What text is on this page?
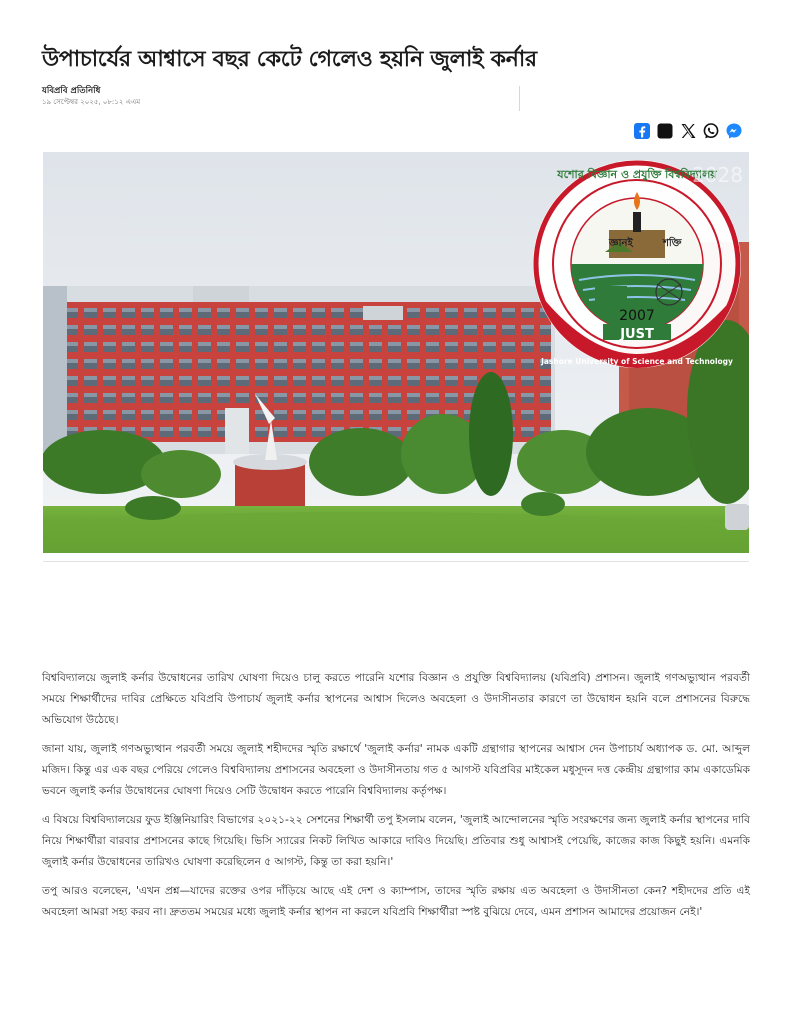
উপাচার্যের আশ্বাসে বছর কেটে গেলেও হয়নি জুলাই কর্নার
যবিপ্রবি প্রতিনিধি
১৯ সেপ্টেম্বর ২০২৫, ০৮:১২ এএম
জ্ঞানই	শক্তি
2007
JUST
যশোর বিজ্ঞান ও প্রযুক্তি বিশ্ববিদ্যালয়
Jashore University of Science and Technology
2028

বিশ্ববিদ্যালয়ে জুলাই কর্নার উদ্বোধনের তারিখ ঘোষণা দিয়েও চালু করতে পারেনি যশোর বিজ্ঞান ও প্রযুক্তি বিশ্ববিদ্যালয় (যবিপ্রবি) প্রশাসন। জুলাই গণঅভ্যুত্থান পরবর্তী সময়ে শিক্ষার্থীদের দাবির প্রেক্ষিতে যবিপ্রবি উপাচার্য জুলাই কর্নার স্থাপনের আশ্বাস দিলেও অবহেলা ও উদাসীনতার কারণে তা উদ্বোধন হয়নি বলে প্রশাসনের বিরুদ্ধে অভিযোগ উঠেছে।

জানা যায়, জুলাই গণঅভ্যুত্থান পরবর্তী সময়ে জুলাই শহীদদের স্মৃতি রক্ষার্থে 'জুলাই কর্নার' নামক একটি গ্রন্থাগার স্থাপনের আশ্বাস দেন উপাচার্য অধ্যাপক ড. মো. আব্দুল মজিদ। কিন্তু এর এক বছর পেরিয়ে গেলেও বিশ্ববিদ্যালয় প্রশাসনের অবহেলা ও উদাসীনতায় গত ৫ আগস্ট যবিপ্রবির মাইকেল মধুসূদন দত্ত কেন্দ্রীয় গ্রন্থাগার কাম একাডেমিক ভবনে জুলাই কর্নার উদ্বোধনের ঘোষণা দিয়েও সেটি উদ্বোধন করতে পারেনি বিশ্ববিদ্যালয় কর্তৃপক্ষ।

এ বিষয়ে বিশ্ববিদ্যালয়ের ফুড ইঞ্জিনিয়ারিং বিভাগের ২০২১-২২ সেশনের শিক্ষার্থী তপু ইসলাম বলেন, 'জুলাই আন্দোলনের স্মৃতি সংরক্ষণের জন্য জুলাই কর্নার স্থাপনের দাবি নিয়ে শিক্ষার্থীরা বারবার প্রশাসনের কাছে গিয়েছি। ভিসি স্যারের নিকট লিখিত আকারে দাবিও দিয়েছি। প্রতিবার শুধু আশ্বাসই পেয়েছি, কাজের কাজ কিছুই হয়নি। এমনকি জুলাই কর্নার উদ্বোধনের তারিখও ঘোষণা করেছিলেন ৫ আগস্ট, কিন্তু তা করা হয়নি।'

তপু আরও বলেছেন, 'এখন প্রশ্ন—যাদের রক্তের ওপর দাঁড়িয়ে আছে এই দেশ ও ক্যাম্পাস, তাদের স্মৃতি রক্ষায় এত অবহেলা ও উদাসীনতা কেন? শহীদদের প্রতি এই অবহেলা আমরা সহ্য করব না। দ্রুততম সময়ের মধ্যে জুলাই কর্নার স্থাপন না করলে যবিপ্রবি শিক্ষার্থীরা স্পষ্ট বুঝিয়ে দেবে, এমন প্রশাসন আমাদের প্রয়োজন নেই।'
